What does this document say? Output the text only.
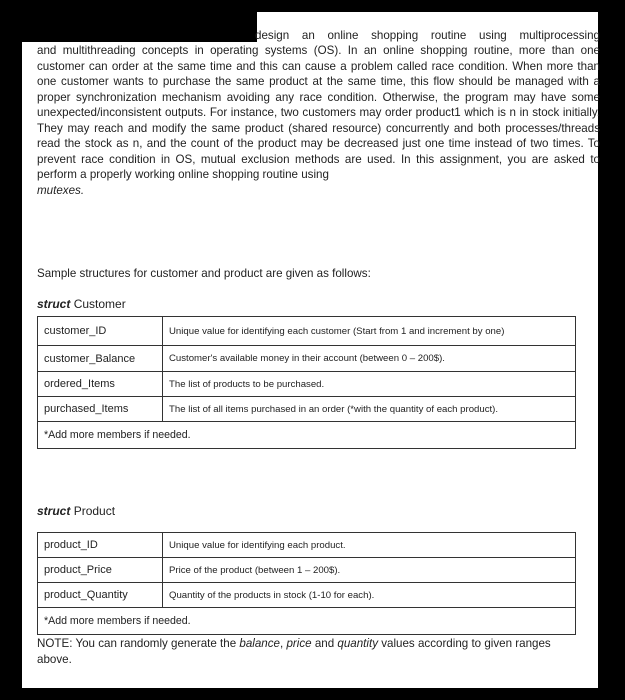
design an online shopping routine using multiprocessing
and multithreading concepts in operating systems (OS). In an online shopping routine, more than one customer can order at the same time and this can cause a problem called race condition. When more than one customer wants to purchase the same product at the same time, this flow should be managed with a proper synchronization mechanism avoiding any race condition. Otherwise, the program may have some unexpected/inconsistent outputs. For instance, two customers may order product1 which is n in stock initially. They may reach and modify the same product (shared resource) concurrently and both processes/threads read the stock as n, and the count of the product may be decreased just one time instead of two times. To prevent race condition in OS, mutual exclusion methods are used. In this assignment, you are asked to perform a properly working online shopping routine using
mutexes.
Sample structures for customer and product are given as follows:
struct Customer
customer_ID	Unique value for identifying each customer (Start from 1 and increment by one)
customer_Balance	Customer's available money in their account (between 0 – 200$).
ordered_Items	The list of products to be purchased.
purchased_Items	The list of all items purchased in an order (*with the quantity of each product).
*Add more members if needed.	
struct Product
product_ID	Unique value for identifying each product.
product_Price	Price of the product (between 1 – 200$).
product_Quantity	Quantity of the products in stock (1-10 for each).
*Add more members if needed.	
NOTE: You can randomly generate the balance, price and quantity values according to given ranges above.
